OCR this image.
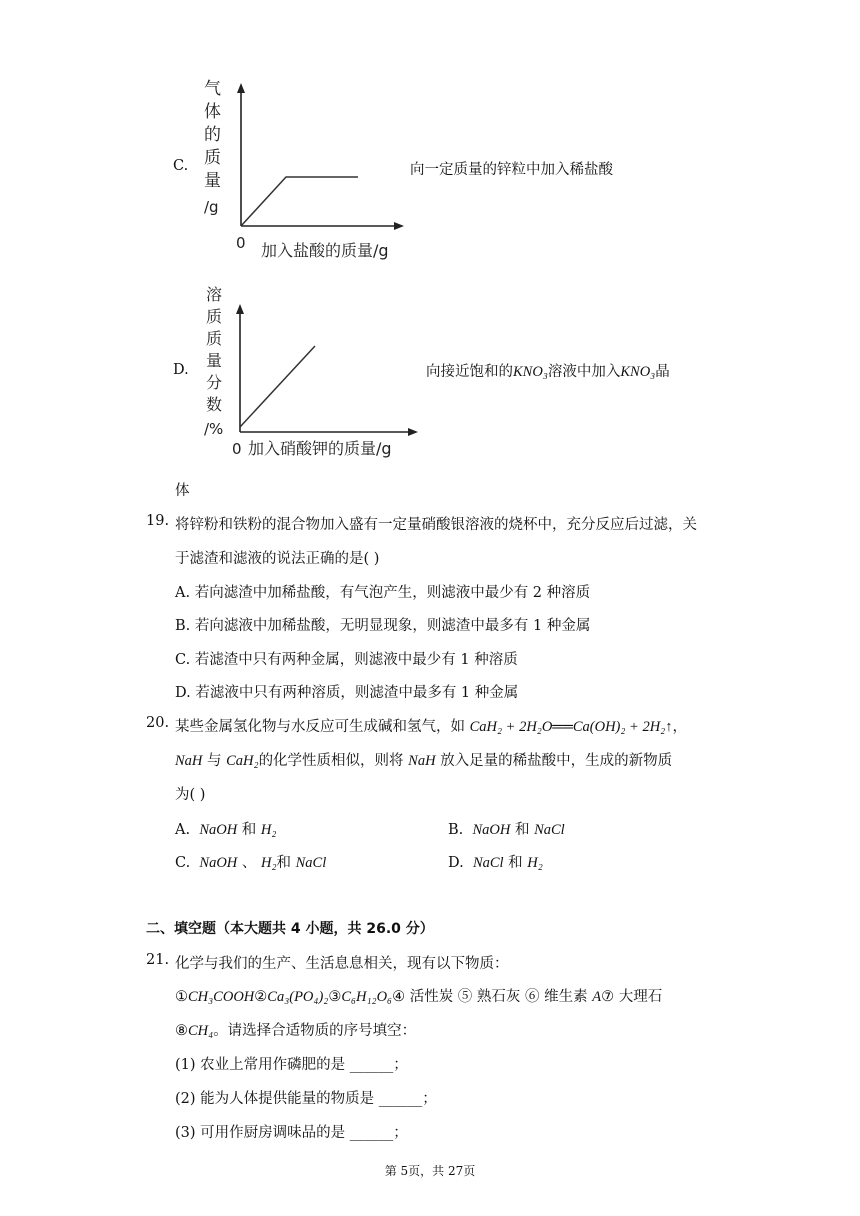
C.
气
体
的
质
量
/g
0 加入盐酸的质量/g
向一定质量的锌粒中加入稀盐酸
D.
溶
质
质
量
分
数
/%
0 加入硝酸钾的质量/g
向接近饱和的KNO₃溶液中加入KNO₃晶
体
19. 将锌粉和铁粉的混合物加入盛有一定量硝酸银溶液的烧杯中，充分反应后过滤，关
于滤渣和滤液的说法正确的是( )
A. 若向滤渣中加稀盐酸，有气泡产生，则滤液中最少有 2 种溶质
B. 若向滤液中加稀盐酸，无明显现象，则滤渣中最多有 1 种金属
C. 若滤渣中只有两种金属，则滤液中最少有 1 种溶质
D. 若滤液中只有两种溶质，则滤渣中最多有 1 种金属
20. 某些金属氢化物与水反应可生成碱和氢气，如 CaH₂ + 2H₂O══Ca(OH)₂ + 2H₂↑，
NaH 与 CaH₂的化学性质相似，则将 NaH 放入足量的稀盐酸中，生成的新物质
为( )
A. NaOH 和 H₂	B. NaOH 和 NaCl
C. NaOH 、 H₂和 NaCl	D. NaCl 和 H₂
二、填空题（本大题共 4 小题，共 26.0 分）
21. 化学与我们的生产、生活息息相关，现有以下物质：
①CH₃COOH②Ca₃(PO₄)₂③C₆H₁₂O₆④ 活性炭 ⑤ 熟石灰 ⑥ 维生素 A⑦ 大理石
⑧CH₄。请选择合适物质的序号填空：
(1) 农业上常用作磷肥的是 ______；
(2) 能为人体提供能量的物质是 ______；
(3) 可用作厨房调味品的是 ______；
第 5页，共 27页
